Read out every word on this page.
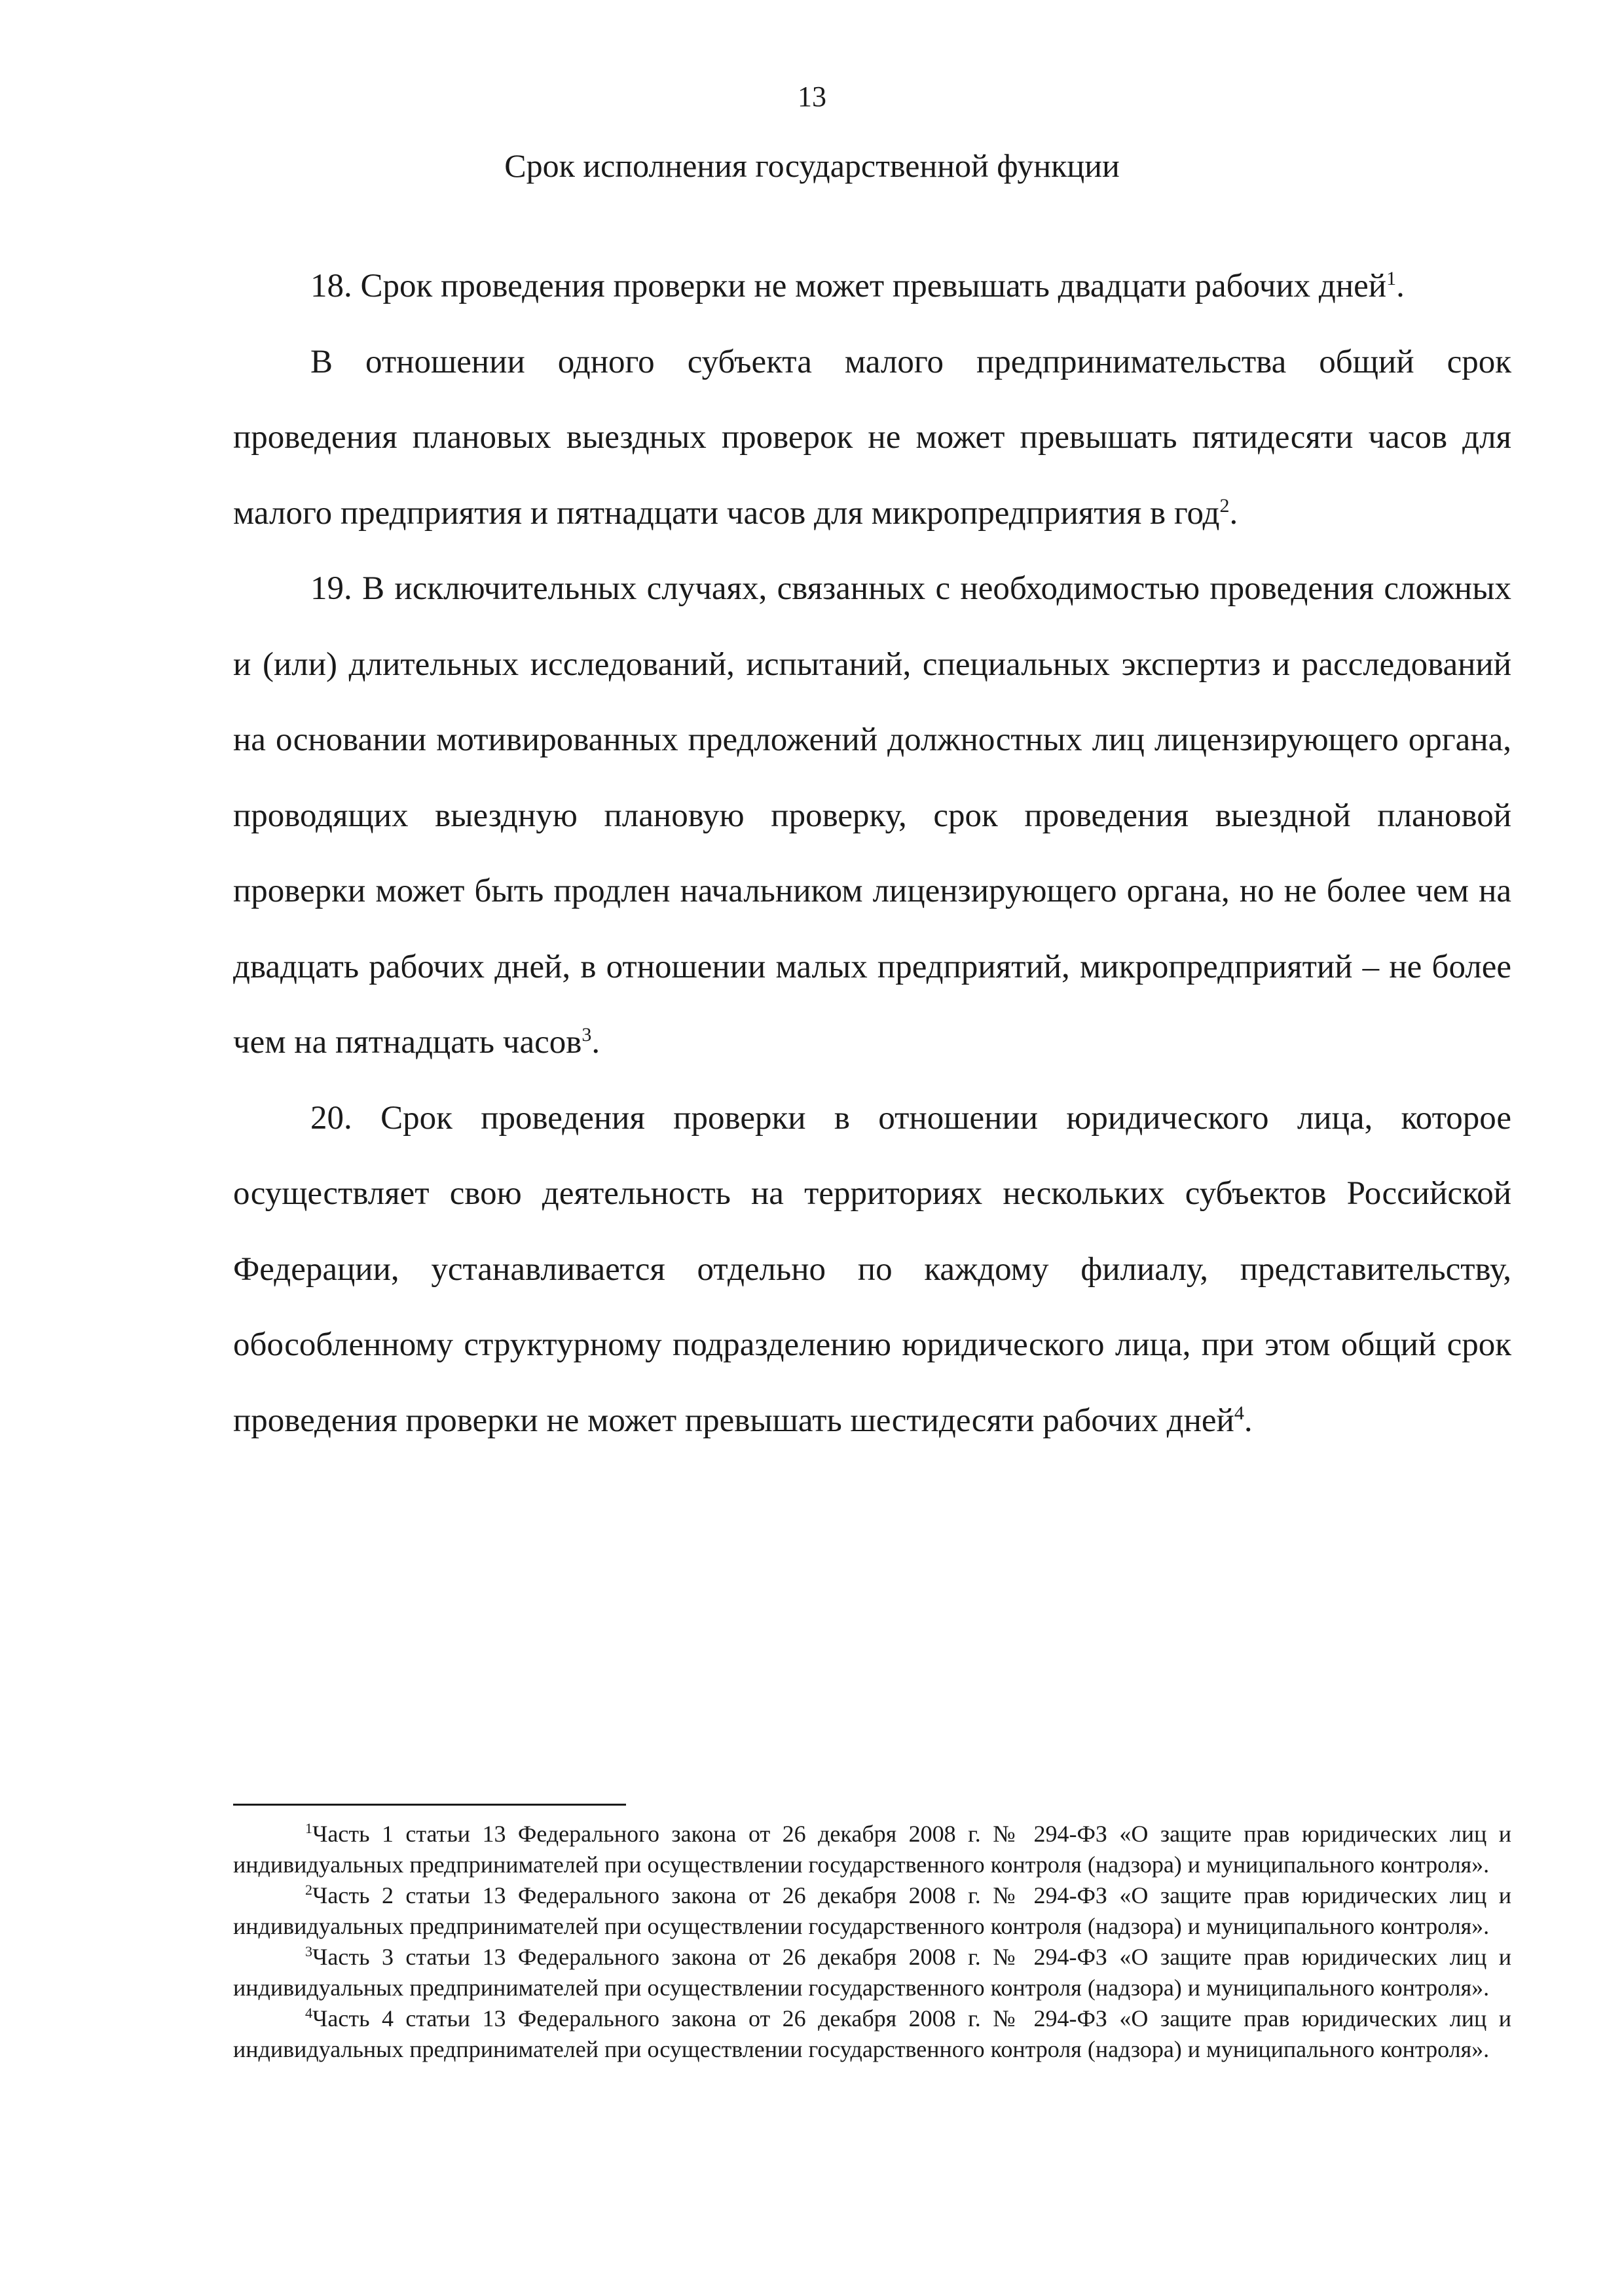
13
Срок исполнения государственной функции

18. Срок проведения проверки не может превышать двадцати рабочих дней$^1$.

В отношении одного субъекта малого предпринимательства общий срок проведения плановых выездных проверок не может превышать пятидесяти часов для малого предприятия и пятнадцати часов для микропредприятия в год$^2$.

19. В исключительных случаях, связанных с необходимостью проведения сложных и (или) длительных исследований, испытаний, специальных экспертиз и расследований на основании мотивированных предложений должностных лиц лицензирующего органа, проводящих выездную плановую проверку, срок проведения выездной плановой проверки может быть продлен начальником лицензирующего органа, но не более чем на двадцать рабочих дней, в отношении малых предприятий, микропредприятий – не более чем на пятнадцать часов$^3$.

20. Срок проведения проверки в отношении юридического лица, которое осуществляет свою деятельность на территориях нескольких субъектов Российской Федерации, устанавливается отдельно по каждому филиалу, представительству, обособленному структурному подразделению юридического лица, при этом общий срок проведения проверки не может превышать шестидесяти рабочих дней$^4$.

$^1$Часть 1 статьи 13 Федерального закона от 26 декабря 2008 г. № 294-ФЗ «О защите прав юридических лиц и индивидуальных предпринимателей при осуществлении государственного контроля (надзора) и муниципального контроля».

$^2$Часть 2 статьи 13 Федерального закона от 26 декабря 2008 г. № 294-ФЗ «О защите прав юридических лиц и индивидуальных предпринимателей при осуществлении государственного контроля (надзора) и муниципального контроля».

$^3$Часть 3 статьи 13 Федерального закона от 26 декабря 2008 г. № 294-ФЗ «О защите прав юридических лиц и индивидуальных предпринимателей при осуществлении государственного контроля (надзора) и муниципального контроля».

$^4$Часть 4 статьи 13 Федерального закона от 26 декабря 2008 г. № 294-ФЗ «О защите прав юридических лиц и индивидуальных предпринимателей при осуществлении государственного контроля (надзора) и муниципального контроля».
